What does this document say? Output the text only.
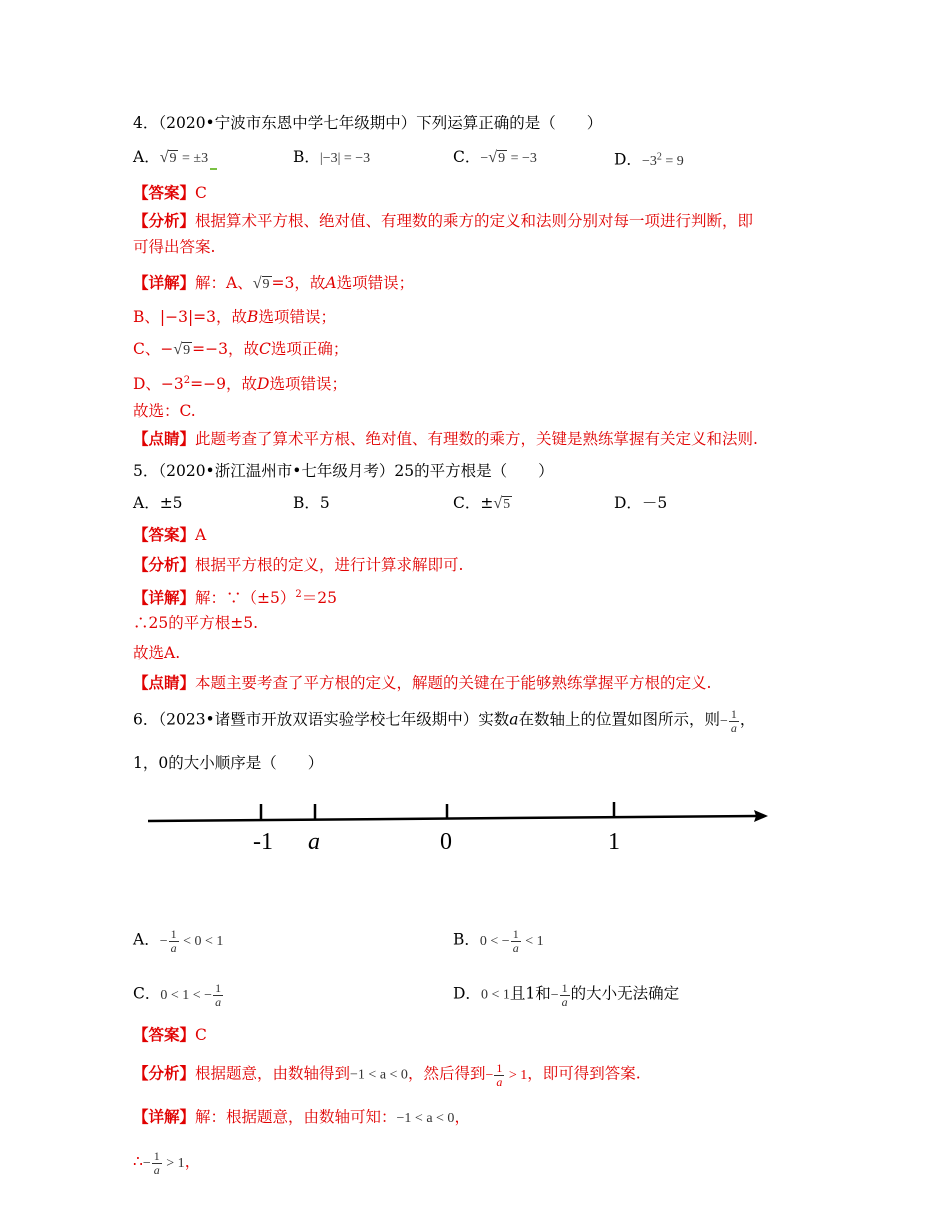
4．（2020•宁波市东恩中学七年级期中）下列运算正确的是（　　）
A．√9 = ±3	B．|−3| = −3	C．−√9 = −3	D．$-3^2 = 9$
【答案】C
【分析】根据算术平方根、绝对值、有理数的乘方的定义和法则分别对每一项进行判断，即
可得出答案.
【详解】解：A、√9 =3，故A选项错误；
B、|−3|=3，故B选项错误；
C、−√9 =−3，故C选项正确；
D、$-3^2=-9$，故D选项错误；
故选：C.
【点睛】此题考查了算术平方根、绝对值、有理数的乘方，关键是熟练掌握有关定义和法则.
5．（2020•浙江温州市•七年级月考）25的平方根是（　　）
A．±5	B．5	C．±√5	D．－5
【答案】A
【分析】根据平方根的定义，进行计算求解即可.
【详解】解：$\because(\pm 5)^2=25$
∴25的平方根±5.
故选A.
【点睛】本题主要考查了平方根的定义，解题的关键在于能够熟练掌握平方根的定义.
6．（2023•诸暨市开放双语实验学校七年级期中）实数a在数轴上的位置如图所示，则− $\frac{1}{a}$ ，
1，0的大小顺序是（　　）
-1 a	0	1
A．− $\frac{1}{a} < 0 < 1$	B．0 < − $\frac{1}{a} < 1$
C．0 < 1 < − $\frac{1}{a}$	D．0 < 1且1和− $\frac{1}{a}$ 的大小无法确定
【答案】C
【分析】根据题意，由数轴得到−1 < a < 0，然后得到− $\frac{1}{a} > 1$，即可得到答案.
【详解】解：根据题意，由数轴可知：−1 < a < 0，
∴− $\frac{1}{a} > 1$，
